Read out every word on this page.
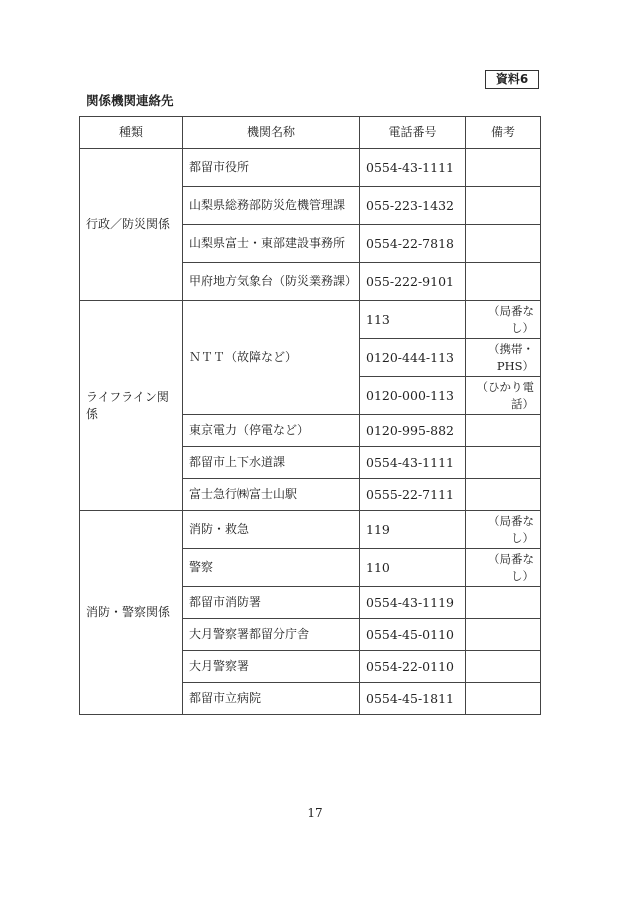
資料6
関係機関連絡先
種類	機関名称	電話番号	備考
行政／防災関係	都留市役所	0554-43-1111	
	山梨県総務部防災危機管理課	055-223-1432	
	山梨県富士・東部建設事務所	0554-22-7818	
	甲府地方気象台（防災業務課）	055-222-9101	
ライフライン関係	ＮＴＴ（故障など）	113	（局番なし）
		0120-444-113	（携帯・PHS）
		0120-000-113	（ひかり電話）
	東京電力（停電など）	0120-995-882	
	都留市上下水道課	0554-43-1111	
	富士急行㈱富士山駅	0555-22-7111	
消防・警察関係	消防・救急	119	（局番なし）
	警察	110	（局番なし）
	都留市消防署	0554-43-1119	
	大月警察署都留分庁舎	0554-45-0110	
	大月警察署	0554-22-0110	
	都留市立病院	0554-45-1811	
17
